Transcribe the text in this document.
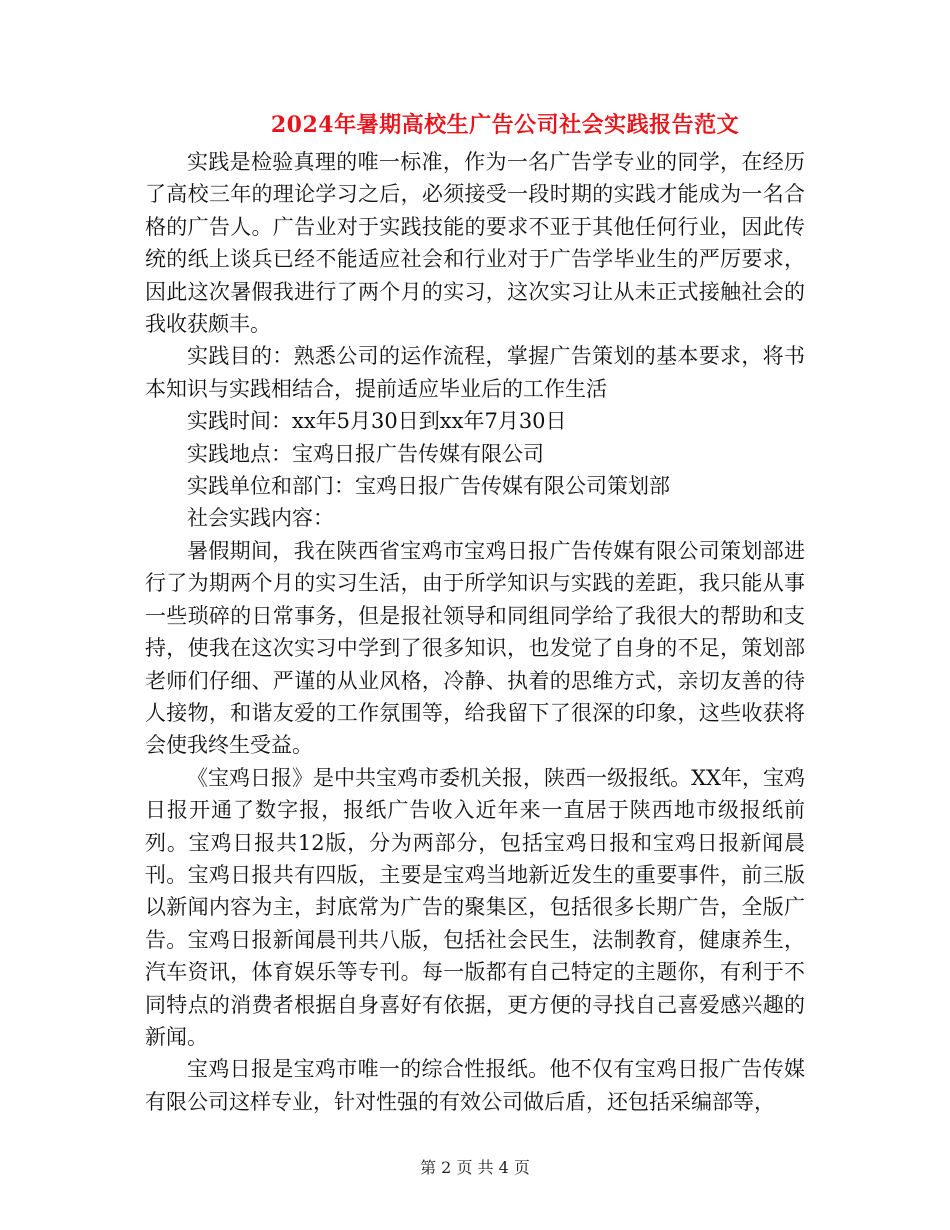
2024年暑期高校生广告公司社会实践报告范文

实践是检验真理的唯一标准，作为一名广告学专业的同学，在经历了高校三年的理论学习之后，必须接受一段时期的实践才能成为一名合格的广告人。广告业对于实践技能的要求不亚于其他任何行业，因此传统的纸上谈兵已经不能适应社会和行业对于广告学毕业生的严厉要求，因此这次暑假我进行了两个月的实习，这次实习让从未正式接触社会的我收获颇丰。

实践目的：熟悉公司的运作流程，掌握广告策划的基本要求，将书本知识与实践相结合，提前适应毕业后的工作生活

实践时间：xx年5月30日到xx年7月30日

实践地点：宝鸡日报广告传媒有限公司

实践单位和部门：宝鸡日报广告传媒有限公司策划部

社会实践内容：

暑假期间，我在陕西省宝鸡市宝鸡日报广告传媒有限公司策划部进行了为期两个月的实习生活，由于所学知识与实践的差距，我只能从事一些琐碎的日常事务，但是报社领导和同组同学给了我很大的帮助和支持，使我在这次实习中学到了很多知识，也发觉了自身的不足，策划部老师们仔细、严谨的从业风格，冷静、执着的思维方式，亲切友善的待人接物，和谐友爱的工作氛围等，给我留下了很深的印象，这些收获将会使我终生受益。

《宝鸡日报》是中共宝鸡市委机关报，陕西一级报纸。XX年，宝鸡日报开通了数字报，报纸广告收入近年来一直居于陕西地市级报纸前列。宝鸡日报共12版，分为两部分，包括宝鸡日报和宝鸡日报新闻晨刊。宝鸡日报共有四版，主要是宝鸡当地新近发生的重要事件，前三版以新闻内容为主，封底常为广告的聚集区，包括很多长期广告，全版广告。宝鸡日报新闻晨刊共八版，包括社会民生，法制教育，健康养生，汽车资讯，体育娱乐等专刊。每一版都有自己特定的主题你，有利于不同特点的消费者根据自身喜好有依据，更方便的寻找自己喜爱感兴趣的新闻。

宝鸡日报是宝鸡市唯一的综合性报纸。他不仅有宝鸡日报广告传媒有限公司这样专业，针对性强的有效公司做后盾，还包括采编部等，

第 2 页 共 4 页
